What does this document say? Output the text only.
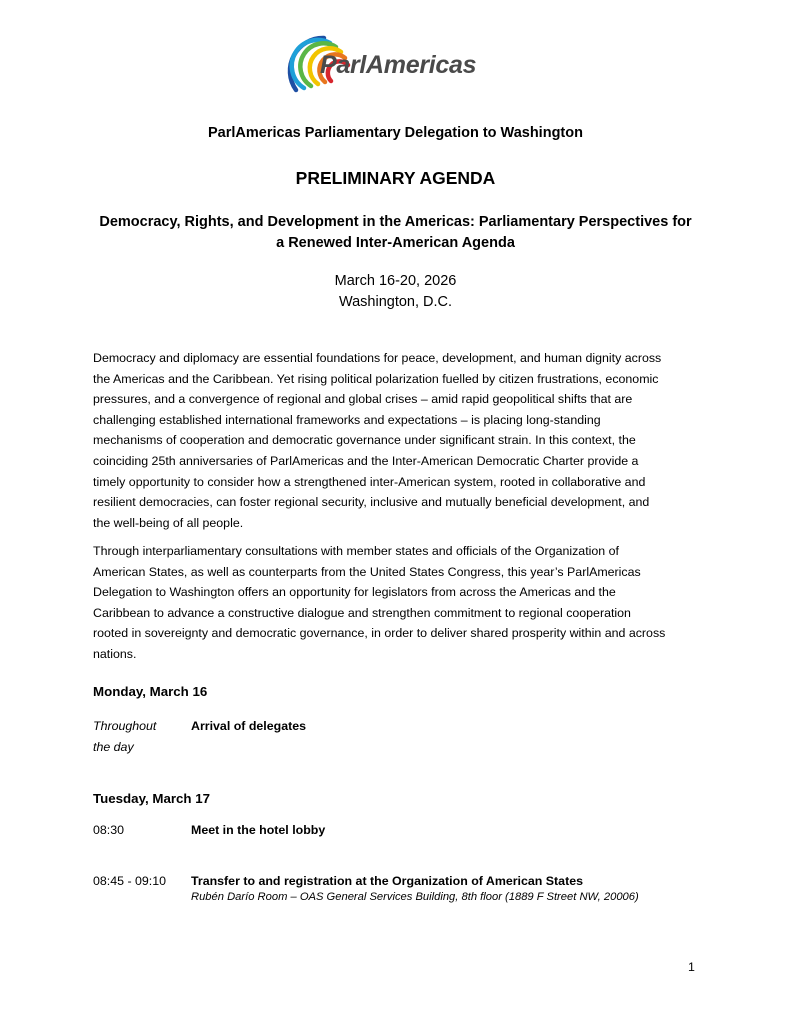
ParlAmericas
ParlAmericas Parliamentary Delegation to Washington
PRELIMINARY AGENDA
Democracy, Rights, and Development in the Americas: Parliamentary Perspectives for
a Renewed Inter-American Agenda
March 16-20, 2026
Washington, D.C.
Democracy and diplomacy are essential foundations for peace, development, and human dignity across
the Americas and the Caribbean. Yet rising political polarization fuelled by citizen frustrations, economic
pressures, and a convergence of regional and global crises – amid rapid geopolitical shifts that are
challenging established international frameworks and expectations – is placing long‑standing
mechanisms of cooperation and democratic governance under significant strain. In this context, the
coinciding 25th anniversaries of ParlAmericas and the Inter‑American Democratic Charter provide a
timely opportunity to consider how a strengthened inter‑American system, rooted in collaborative and
resilient democracies, can foster regional security, inclusive and mutually beneficial development, and
the well‑being of all people.
Through interparliamentary consultations with member states and officials of the Organization of
American States, as well as counterparts from the United States Congress, this year’s ParlAmericas
Delegation to Washington offers an opportunity for legislators from across the Americas and the
Caribbean to advance a constructive dialogue and strengthen commitment to regional cooperation
rooted in sovereignty and democratic governance, in order to deliver shared prosperity within and across
nations.
Monday, March 16
Throughout
the day
Arrival of delegates
Tuesday, March 17
08:30	Meet in the hotel lobby
08:45 - 09:10 Transfer to and registration at the Organization of American States
Rubén Darío Room – OAS General Services Building, 8th floor (1889 F Street NW, 20006)
1
